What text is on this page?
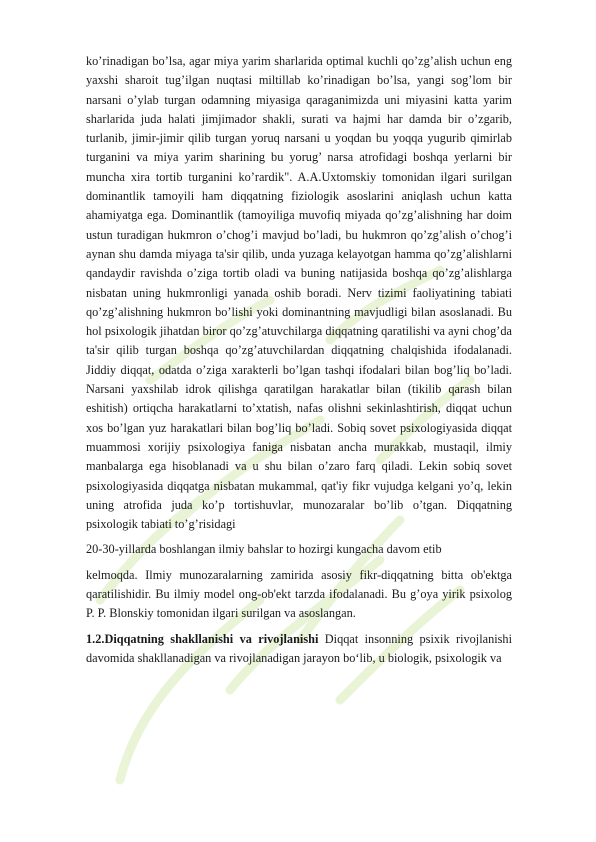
ko’rinadigan bo’lsa, agar miya yarim sharlarida optimal kuchli qo’zg’alish uchun eng yaxshi sharoit tug’ilgan nuqtasi miltillab ko’rinadigan bo’lsa, yangi sog’lom bir narsani o’ylab turgan odamning miyasiga qaraganimizda uni miyasini katta yarim sharlarida juda halati jimjimador shakli, surati va hajmi har damda bir o’zgarib, turlanib, jimir-jimir qilib turgan yoruq narsani u yoqdan bu yoqqa yugurib qimirlab turganini va miya yarim sharining bu yorug’ narsa atrofidagi boshqa yerlarni bir muncha xira tortib turganini ko’rardik". A.A.Uxtomskiy tomonidan ilgari surilgan dominantlik tamoyili ham diqqatning fiziologik asoslarini aniqlash uchun katta ahamiyatga ega. Dominantlik (tamoyiliga muvofiq miyada qo’zg’alishning har doim ustun turadigan hukmron o’chog’i mavjud bo’ladi, bu hukmron qo’zg’alish o’chog’i aynan shu damda miyaga ta'sir qilib, unda yuzaga kelayotgan hamma qo’zg’alishlarni qandaydir ravishda o’ziga tortib oladi va buning natijasida boshqa qo’zg’alishlarga nisbatan uning hukmronligi yanada oshib boradi. Nerv tizimi faoliyatining tabiati qo’zg’alishning hukmron bo’lishi yoki dominantning mavjudligi bilan asoslanadi. Bu hol psixologik jihatdan biror qo’zg’atuvchilarga diqqatning qaratilishi va ayni chog’da ta'sir qilib turgan boshqa qo’zg’atuvchilardan diqqatning chalqishida ifodalanadi. Jiddiy diqqat, odatda o’ziga xarakterli bo’lgan tashqi ifodalari bilan bog’liq bo’ladi. Narsani yaxshilab idrok qilishga qaratilgan harakatlar bilan (tikilib qarash bilan eshitish) ortiqcha harakatlarni to’xtatish, nafas olishni sekinlashtirish, diqqat uchun xos bo’lgan yuz harakatlari bilan bog’liq bo’ladi. Sobiq sovet psixologiyasida diqqat muammosi xorijiy psixologiya faniga nisbatan ancha murakkab, mustaqil, ilmiy manbalarga ega hisoblanadi va u shu bilan o’zaro farq qiladi. Lekin sobiq sovet psixologiyasida diqqatga nisbatan mukammal, qat'iy fikr vujudga kelgani yo’q, lekin uning atrofida juda ko’p tortishuvlar, munozaralar bo’lib o’tgan. Diqqatning psixologik tabiati to’g’risidagi

20-30-yillarda boshlangan ilmiy bahslar to hozirgi kungacha davom etib

kelmoqda. Ilmiy munozaralarning zamirida asosiy fikr-diqqatning bitta ob'ektga qaratilishidir. Bu ilmiy model ong-ob'ekt tarzda ifodalanadi. Bu g’oya yirik psixolog P. P. Blonskiy tomonidan ilgari surilgan va asoslangan.

1.2.Diqqatning shakllanishi va rivojlanishi Diqqat insonning psixik rivojlanishi davomida shakllanadigan va rivojlanadigan jarayon bo‘lib, u biologik, psixologik va
